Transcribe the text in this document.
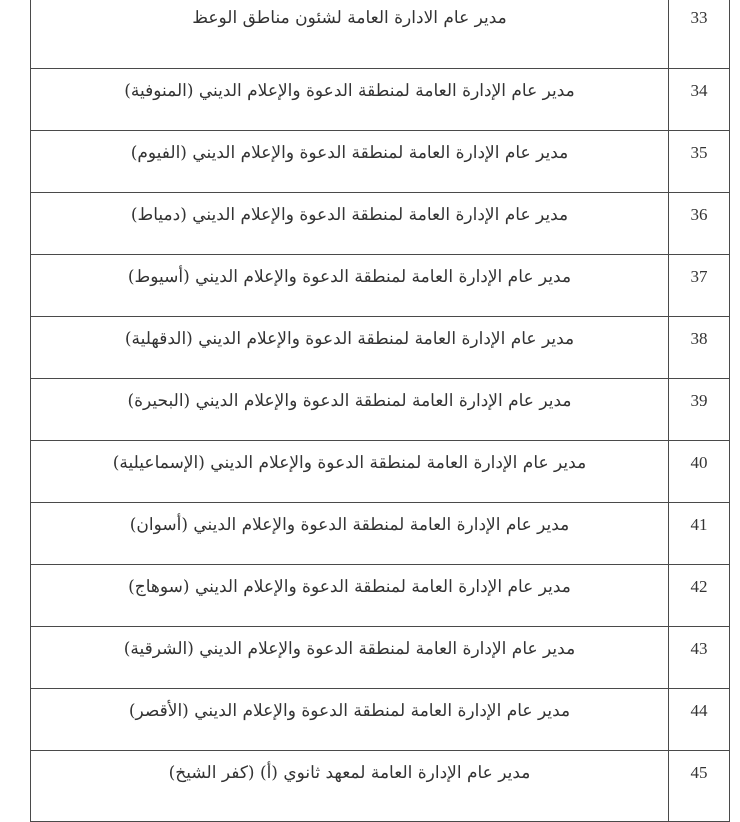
33	مدير عام الادارة العامة لشئون مناطق الوعظ

34	مدير عام الإدارة العامة لمنطقة الدعوة والإعلام الديني (المنوفية)

35	مدير عام الإدارة العامة لمنطقة الدعوة والإعلام الديني (الفيوم)

36	مدير عام الإدارة العامة لمنطقة الدعوة والإعلام الديني (دمياط)

37	مدير عام الإدارة العامة لمنطقة الدعوة والإعلام الديني (أسيوط)

38	مدير عام الإدارة العامة لمنطقة الدعوة والإعلام الديني (الدقهلية)

39	مدير عام الإدارة العامة لمنطقة الدعوة والإعلام الديني (البحيرة)

40	مدير عام الإدارة العامة لمنطقة الدعوة والإعلام الديني (الإسماعيلية)

41	مدير عام الإدارة العامة لمنطقة الدعوة والإعلام الديني (أسوان)

42	مدير عام الإدارة العامة لمنطقة الدعوة والإعلام الديني (سوهاج)

43	مدير عام الإدارة العامة لمنطقة الدعوة والإعلام الديني (الشرقية)

44	مدير عام الإدارة العامة لمنطقة الدعوة والإعلام الديني (الأقصر)

45	مدير عام الإدارة العامة لمعهد ثانوي (أ) (كفر الشيخ)
